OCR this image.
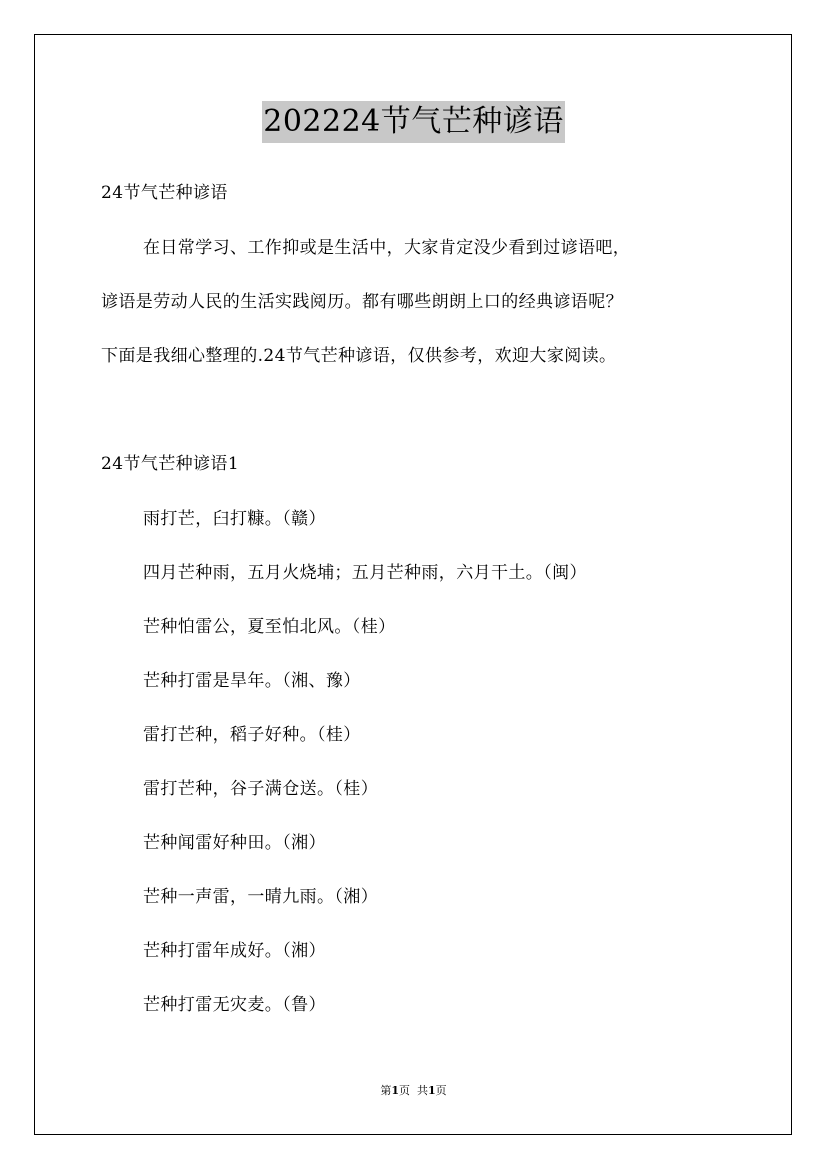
202224节气芒种谚语
24节气芒种谚语
在日常学习、工作抑或是生活中，大家肯定没少看到过谚语吧，
谚语是劳动人民的生活实践阅历。都有哪些朗朗上口的经典谚语呢？
下面是我细心整理的.24节气芒种谚语，仅供参考，欢迎大家阅读。
24节气芒种谚语1
雨打芒，臼打糠。（赣）
四月芒种雨，五月火烧埔；五月芒种雨，六月干土。（闽）
芒种怕雷公，夏至怕北风。（桂）
芒种打雷是旱年。（湘、豫）
雷打芒种，稻子好种。（桂）
雷打芒种，谷子满仓送。（桂）
芒种闻雷好种田。（湘）
芒种一声雷，一晴九雨。（湘）
芒种打雷年成好。（湘）
芒种打雷无灾麦。（鲁）
第1页 共1页
